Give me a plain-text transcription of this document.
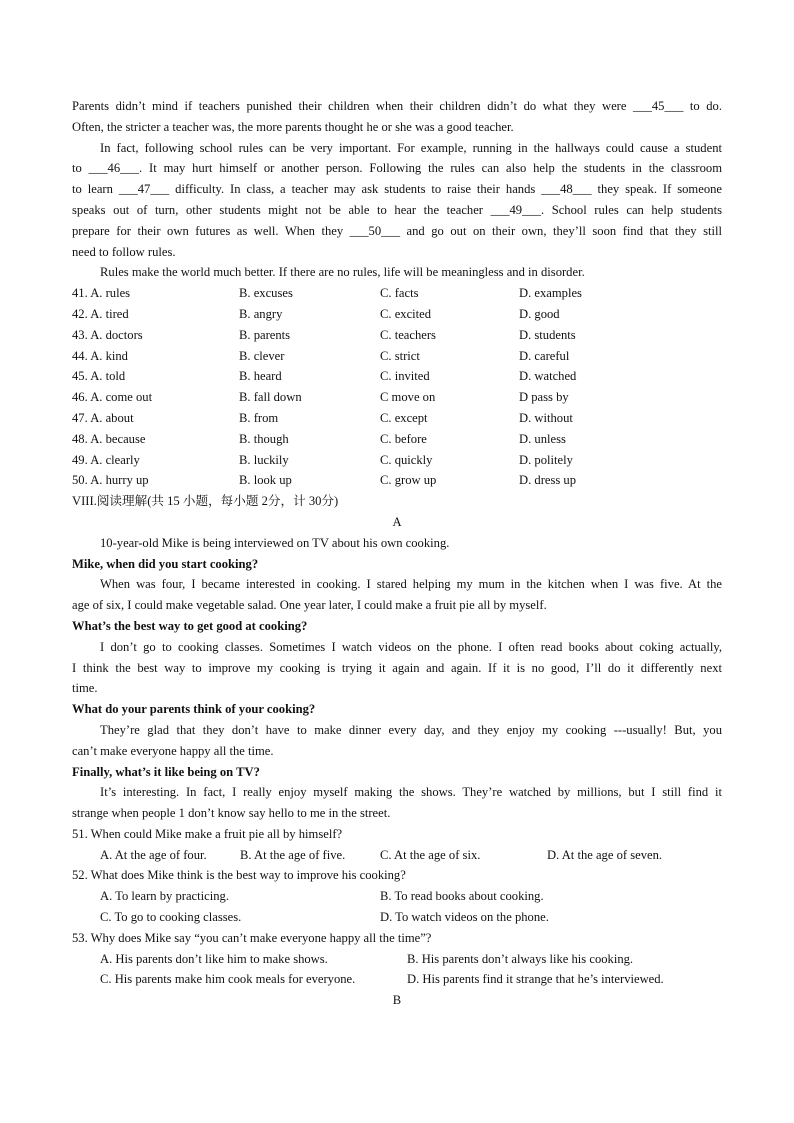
Parents didn’t mind if teachers punished their children when their children didn’t do what they were ___45___ to do.

Often, the stricter a teacher was, the more parents thought he or she was a good teacher.

In fact, following school rules can be very important. For example, running in the hallways could cause a student

to ___46___. It may hurt himself or another person. Following the rules can also help the students in the classroom

to learn ___47___ difficulty. In class, a teacher may ask students to raise their hands ___48___ they speak. If someone

speaks out of turn, other students might not be able to hear the teacher ___49___. School rules can help students

prepare for their own futures as well. When they ___50___ and go out on their own, they’ll soon find that they still

need to follow rules.

Rules make the world much better. If there are no rules, life will be meaningless and in disorder.

41. A. rules	B. excuses	C. facts	D. examples
42. A. tired	B. angry	C. excited	D. good
43. A. doctors	B. parents	C. teachers	D. students
44. A. kind	B. clever	C. strict	D. careful
45. A. told	B. heard	C. invited	D. watched
46. A. come out	B. fall down	C move on	D pass by
47. A. about	B. from	C. except	D. without
48. A. because	B. though	C. before	D. unless
49. A. clearly	B. luckily	C. quickly	D. politely
50. A. hurry up	B. look up	C. grow up	D. dress up

VIII.阅读理解(共 15 小题，每小题 2分，计 30分)

A

10-year-old Mike is being interviewed on TV about his own cooking.

Mike, when did you start cooking?

When was four, I became interested in cooking. I stared helping my mum in the kitchen when I was five. At the

age of six, I could make vegetable salad. One year later, I could make a fruit pie all by myself.

What’s the best way to get good at cooking?

I don’t go to cooking classes. Sometimes I watch videos on the phone. I often read books about coking actually,

I think the best way to improve my cooking is trying it again and again. If it is no good, I’ll do it differently next

time.

What do your parents think of your cooking?

They’re glad that they don’t have to make dinner every day, and they enjoy my cooking ---usually! But, you

can’t make everyone happy all the time.

Finally, what’s it like being on TV?

It’s interesting. In fact, I really enjoy myself making the shows. They’re watched by millions, but I still find it

strange when people 1 don’t know say hello to me in the street.

51. When could Mike make a fruit pie all by himself?

A. At the age of four.	B. At the age of five.	C. At the age of six.	D. At the age of seven.

52. What does Mike think is the best way to improve his cooking?

A. To learn by practicing.	B. To read books about cooking.
C. To go to cooking classes.	D. To watch videos on the phone.

53. Why does Mike say “you can’t make everyone happy all the time”?

A. His parents don’t like him to make shows.	B. His parents don’t always like his cooking.
C. His parents make him cook meals for everyone.	D. His parents find it strange that he’s interviewed.

B
